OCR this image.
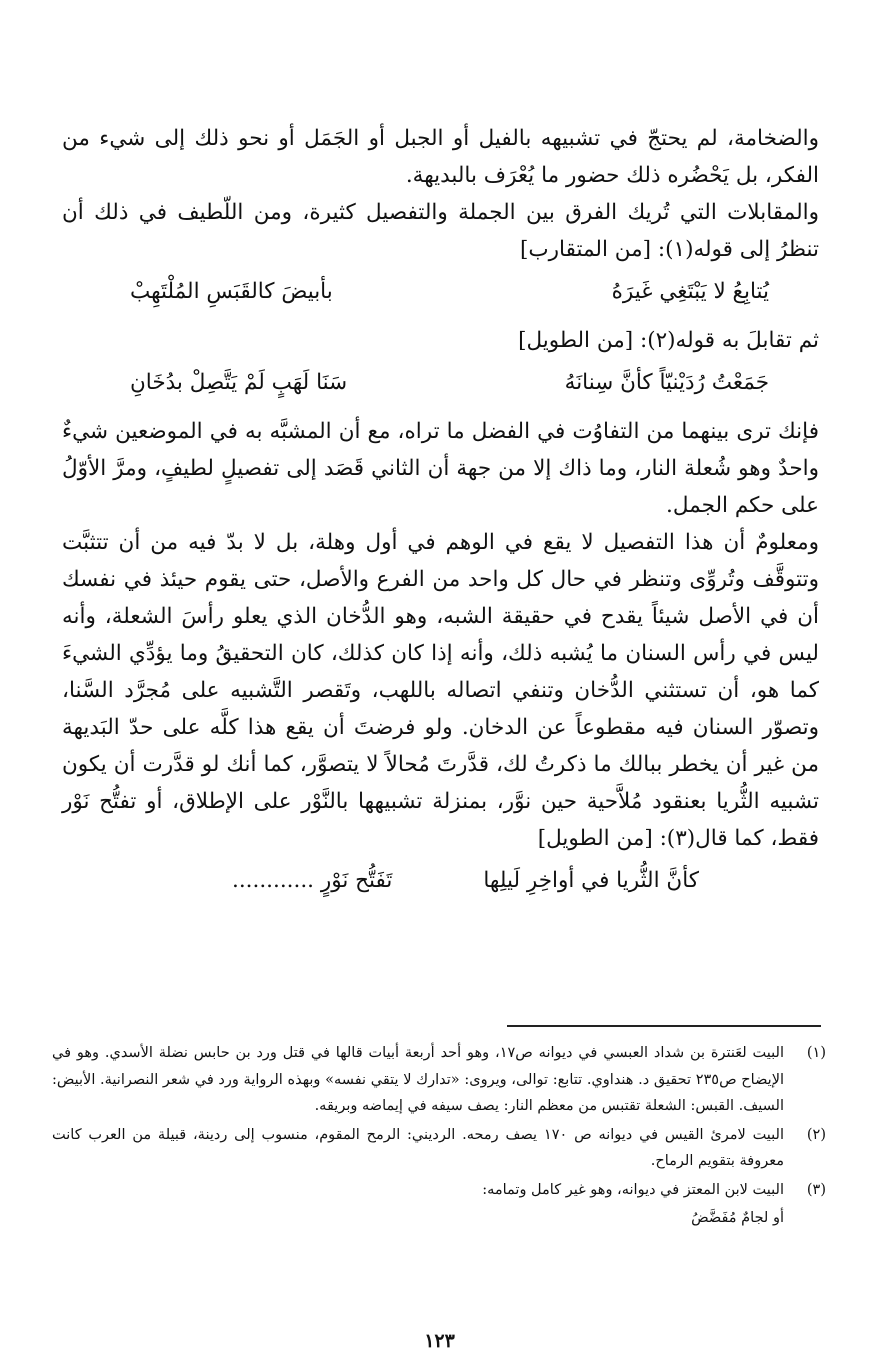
والضخامة، لم يحتجّ في تشبيهه بالفيل أو الجبل أو الجَمَل أو نحو ذلك إلى شيء من الفكر، بل يَحْضُره ذلك حضور ما يُعْرَف بالبديهة.

والمقابلات التي تُريك الفرق بين الجملة والتفصيل كثيرة، ومن اللّطيف في ذلك أن تنظرُ إلى قوله(١): [من المتقارب]

يُتابِعُ لا يَبْتَغِي غَيرَهُ
بأبيضَ كالقَبَسِ المُلْتَهِبْ

ثم تقابلَ به قوله(٢): [من الطويل]

جَمَعْتُ رُدَيْنيّاً كأنَّ سِنانَهُ
سَنَا لَهَبٍ لَمْ يَتَّصِلْ بدُخَانِ

فإنك ترى بينهما من التفاوُت في الفضل ما تراه، مع أن المشبَّه به في الموضعين شيءٌ واحدٌ وهو شُعلة النار، وما ذاك إلا من جهة أن الثاني قَصَد إلى تفصيلٍ لطيفٍ، ومرَّ الأوّلُ على حكم الجمل.

ومعلومٌ أن هذا التفصيل لا يقع في الوهم في أول وهلة، بل لا بدّ فيه من أن تتثبَّت وتتوقَّف وتُروِّى وتنظر في حال كل واحد من الفرع والأصل، حتى يقوم حيئذ في نفسك أن في الأصل شيئاً يقدح في حقيقة الشبه، وهو الدُّخان الذي يعلو رأسَ الشعلة، وأنه ليس في رأس السنان ما يُشبه ذلك، وأنه إذا كان كذلك، كان التحقيقُ وما يؤدِّي الشيءَ كما هو، أن تستثني الدُّخان وتنفي اتصاله باللهب، وتَقصر التَّشبيه على مُجرَّد السَّنا، وتصوّر السنان فيه مقطوعاً عن الدخان. ولو فرضتَ أن يقع هذا كلَّه على حدّ البَديهة من غير أن يخطر ببالك ما ذكرتُ لك، قدَّرتَ مُحالاً لا يتصوَّر، كما أنك لو قدَّرت أن يكون تشبيه الثُّريا بعنقود مُلاَّحية حين نوَّر، بمنزلة تشبيهها بالنَّوْر على الإطلاق، أو تفتُّح نَوْر فقط، كما قال(٣): [من الطويل]

كأنَّ الثُّريا في أواخِرِ لَيلِها
تَفَتُّح نَوْرٍ ............
(١)
البيت لعَنترة بن شداد العبسي في ديوانه ص١٧، وهو أحد أربعة أبيات قالها في قتل ورد بن حابس نضلة الأسدي. وهو في الإيضاح ص٢٣٥ تحقيق د. هنداوي. تتابع: توالى، ويروى: «تدارك لا يتقي نفسه» وبهذه الرواية ورد في شعر النصرانية. الأبيض: السيف. القبس: الشعلة تقتبس من معظم النار: يصف سيفه في إيماضه وبريقه.
(٢)
البيت لامرئ القيس في ديوانه ص ١٧٠ يصف رمحه. الرديني: الرمح المقوم، منسوب إلى ردينة، قبيلة من العرب كانت معروفة بتقويم الرماح.
(٣)
البيت لابن المعتز في ديوانه، وهو غير كامل وتمامه:
أو لجامٌ مُفَضَّضُ
١٢٣
